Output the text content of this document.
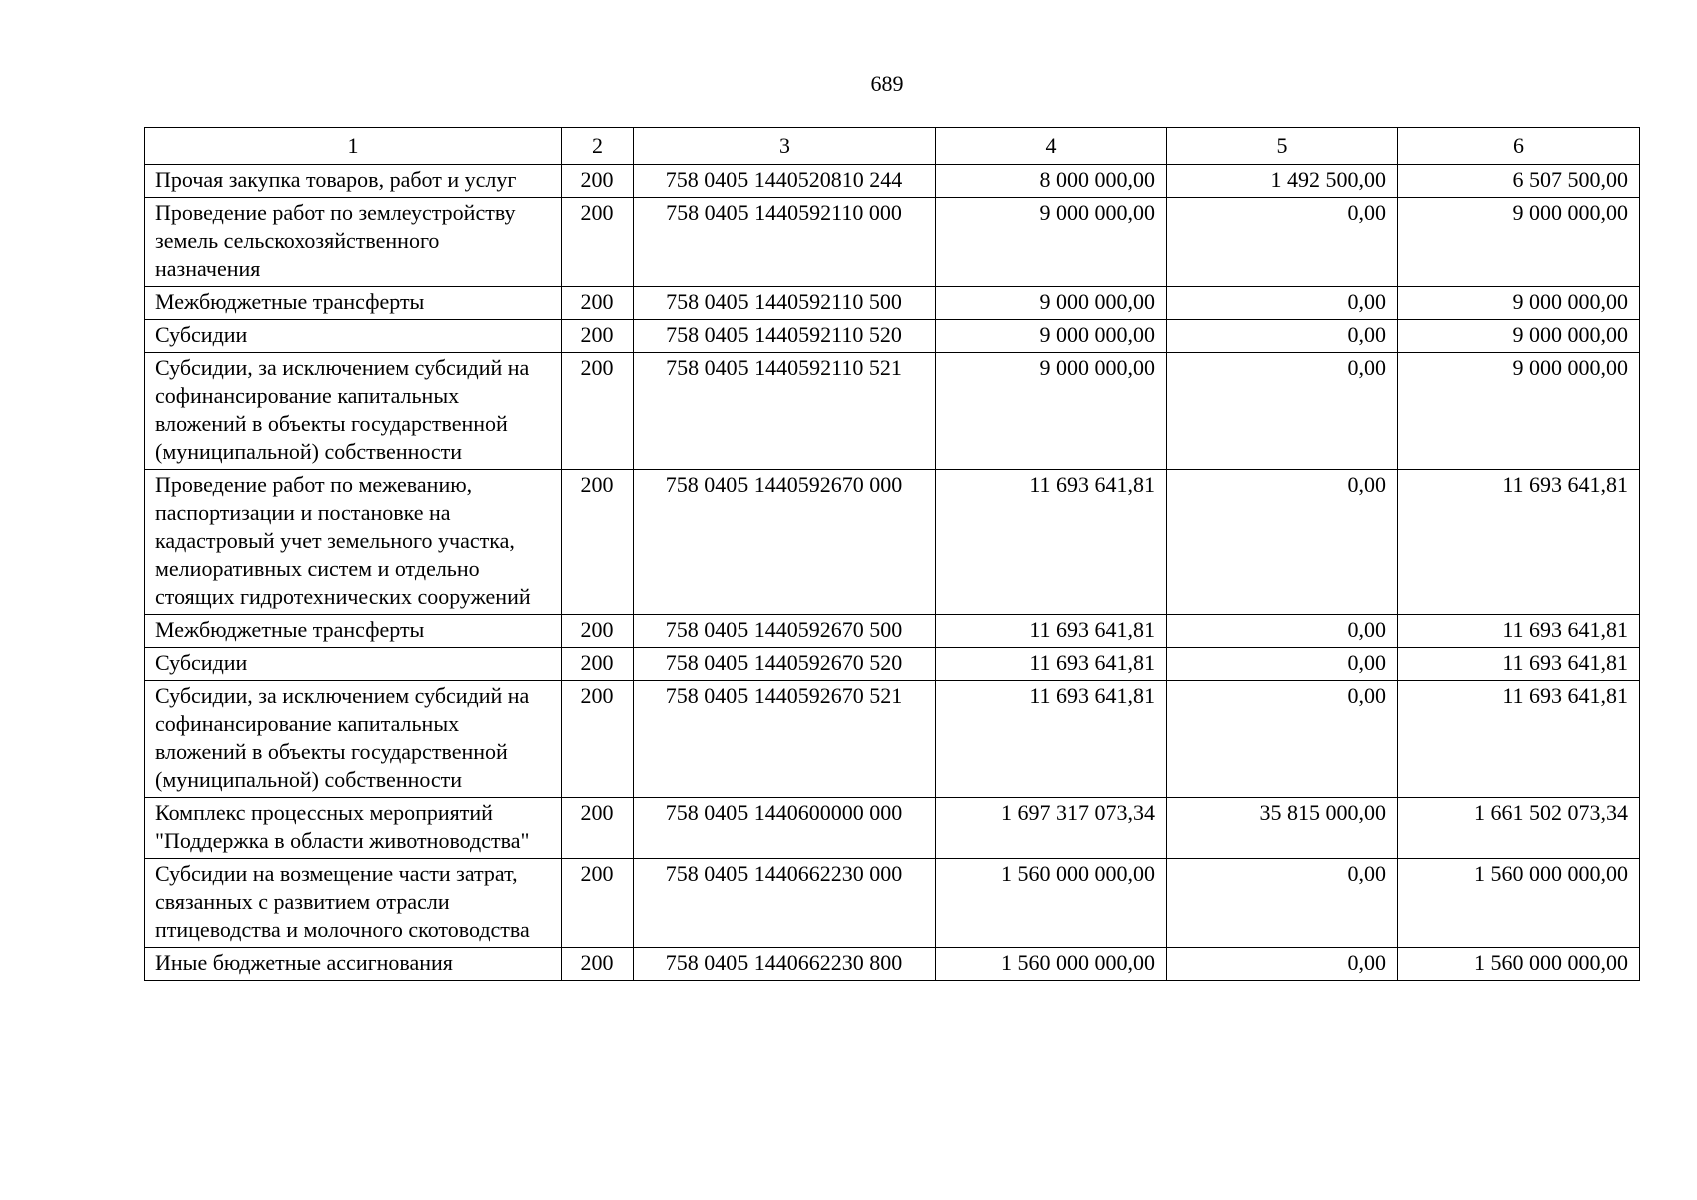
689
1	2	3	4	5	6
Прочая закупка товаров, работ и услуг	200	758 0405 1440520810 244	8 000 000,00	1 492 500,00	6 507 500,00
Проведение работ по землеустройству земель сельскохозяйственного назначения	200	758 0405 1440592110 000	9 000 000,00	0,00	9 000 000,00
Межбюджетные трансферты	200	758 0405 1440592110 500	9 000 000,00	0,00	9 000 000,00
Субсидии	200	758 0405 1440592110 520	9 000 000,00	0,00	9 000 000,00
Субсидии, за исключением субсидий на софинансирование капитальных вложений в объекты государственной (муниципальной) собственности	200	758 0405 1440592110 521	9 000 000,00	0,00	9 000 000,00
Проведение работ по межеванию, паспортизации и постановке на кадастровый учет земельного участка, мелиоративных систем и отдельно стоящих гидротехнических сооружений	200	758 0405 1440592670 000	11 693 641,81	0,00	11 693 641,81
Межбюджетные трансферты	200	758 0405 1440592670 500	11 693 641,81	0,00	11 693 641,81
Субсидии	200	758 0405 1440592670 520	11 693 641,81	0,00	11 693 641,81
Субсидии, за исключением субсидий на софинансирование капитальных вложений в объекты государственной (муниципальной) собственности	200	758 0405 1440592670 521	11 693 641,81	0,00	11 693 641,81
Комплекс процессных мероприятий "Поддержка в области животноводства"	200	758 0405 1440600000 000	1 697 317 073,34	35 815 000,00	1 661 502 073,34
Субсидии на возмещение части затрат, связанных с развитием отрасли птицеводства и молочного скотоводства	200	758 0405 1440662230 000	1 560 000 000,00	0,00	1 560 000 000,00
Иные бюджетные ассигнования	200	758 0405 1440662230 800	1 560 000 000,00	0,00	1 560 000 000,00
